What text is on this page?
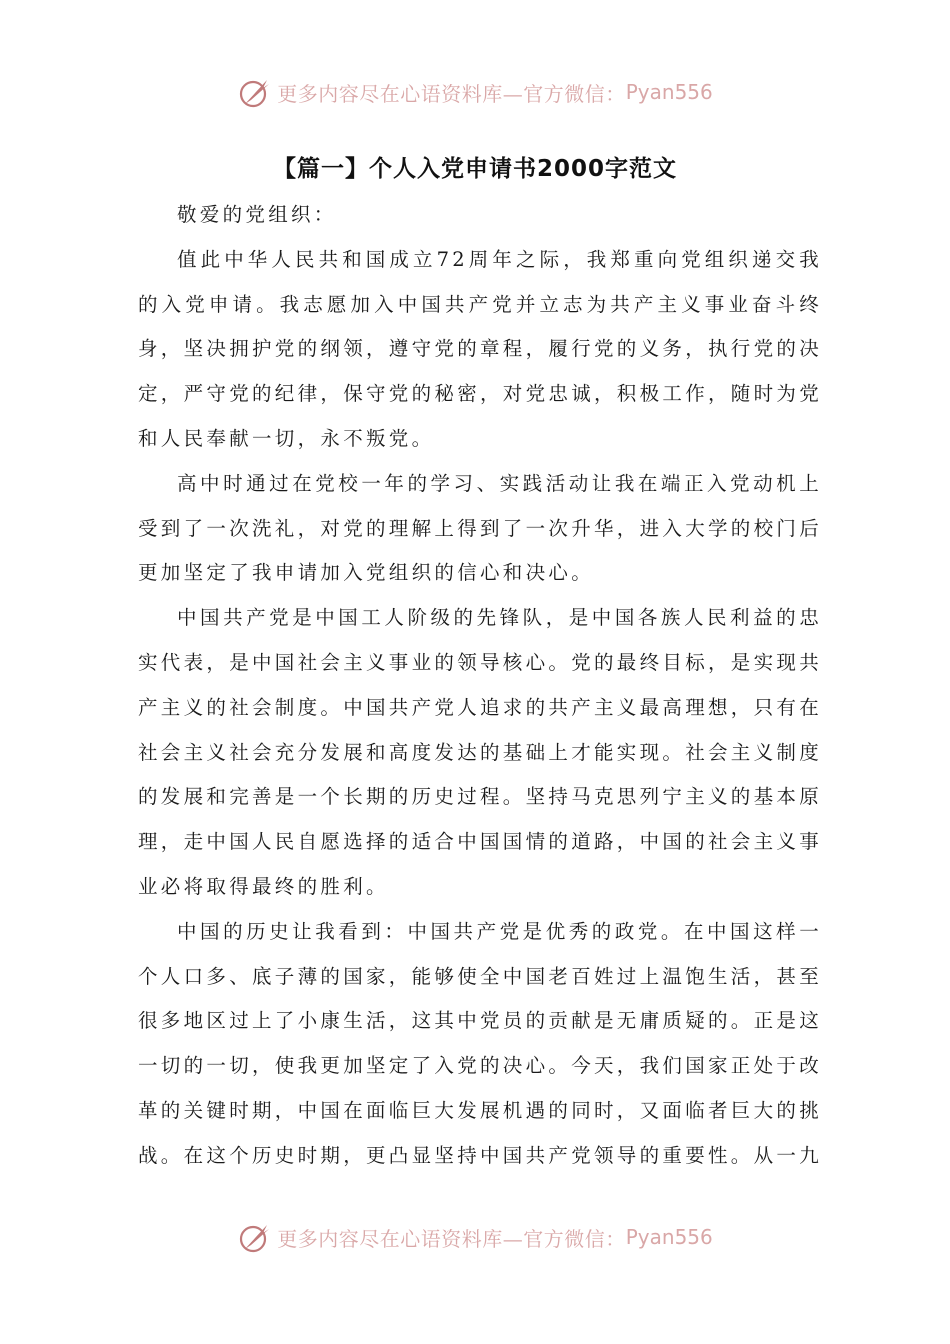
更多内容尽在心语资料库—官方微信： Pyan556
【篇一】个人入党申请书2000字范文

敬爱的党组织：

值此中华人民共和国成立72周年之际，我郑重向党组织递交我的入党申请。我志愿加入中国共产党并立志为共产主义事业奋斗终身，坚决拥护党的纲领，遵守党的章程，履行党的义务，执行党的决定，严守党的纪律，保守党的秘密，对党忠诚，积极工作，随时为党和人民奉献一切，永不叛党。

高中时通过在党校一年的学习、实践活动让我在端正入党动机上受到了一次洗礼，对党的理解上得到了一次升华，进入大学的校门后更加坚定了我申请加入党组织的信心和决心。

中国共产党是中国工人阶级的先锋队，是中国各族人民利益的忠实代表，是中国社会主义事业的领导核心。党的最终目标，是实现共产主义的社会制度。中国共产党人追求的共产主义最高理想，只有在社会主义社会充分发展和高度发达的基础上才能实现。社会主义制度的发展和完善是一个长期的历史过程。坚持马克思列宁主义的基本原理，走中国人民自愿选择的适合中国国情的道路，中国的社会主义事业必将取得最终的胜利。

中国的历史让我看到：中国共产党是优秀的政党。在中国这样一个人口多、底子薄的国家，能够使全中国老百姓过上温饱生活，甚至很多地区过上了小康生活，这其中党员的贡献是无庸质疑的。正是这一切的一切，使我更加坚定了入党的决心。今天，我们国家正处于改革的关键时期，中国在面临巨大发展机遇的同时，又面临者巨大的挑战。在这个历史时期，更凸显坚持中国共产党领导的重要性。从一九

更多内容尽在心语资料库—官方微信： Pyan556
